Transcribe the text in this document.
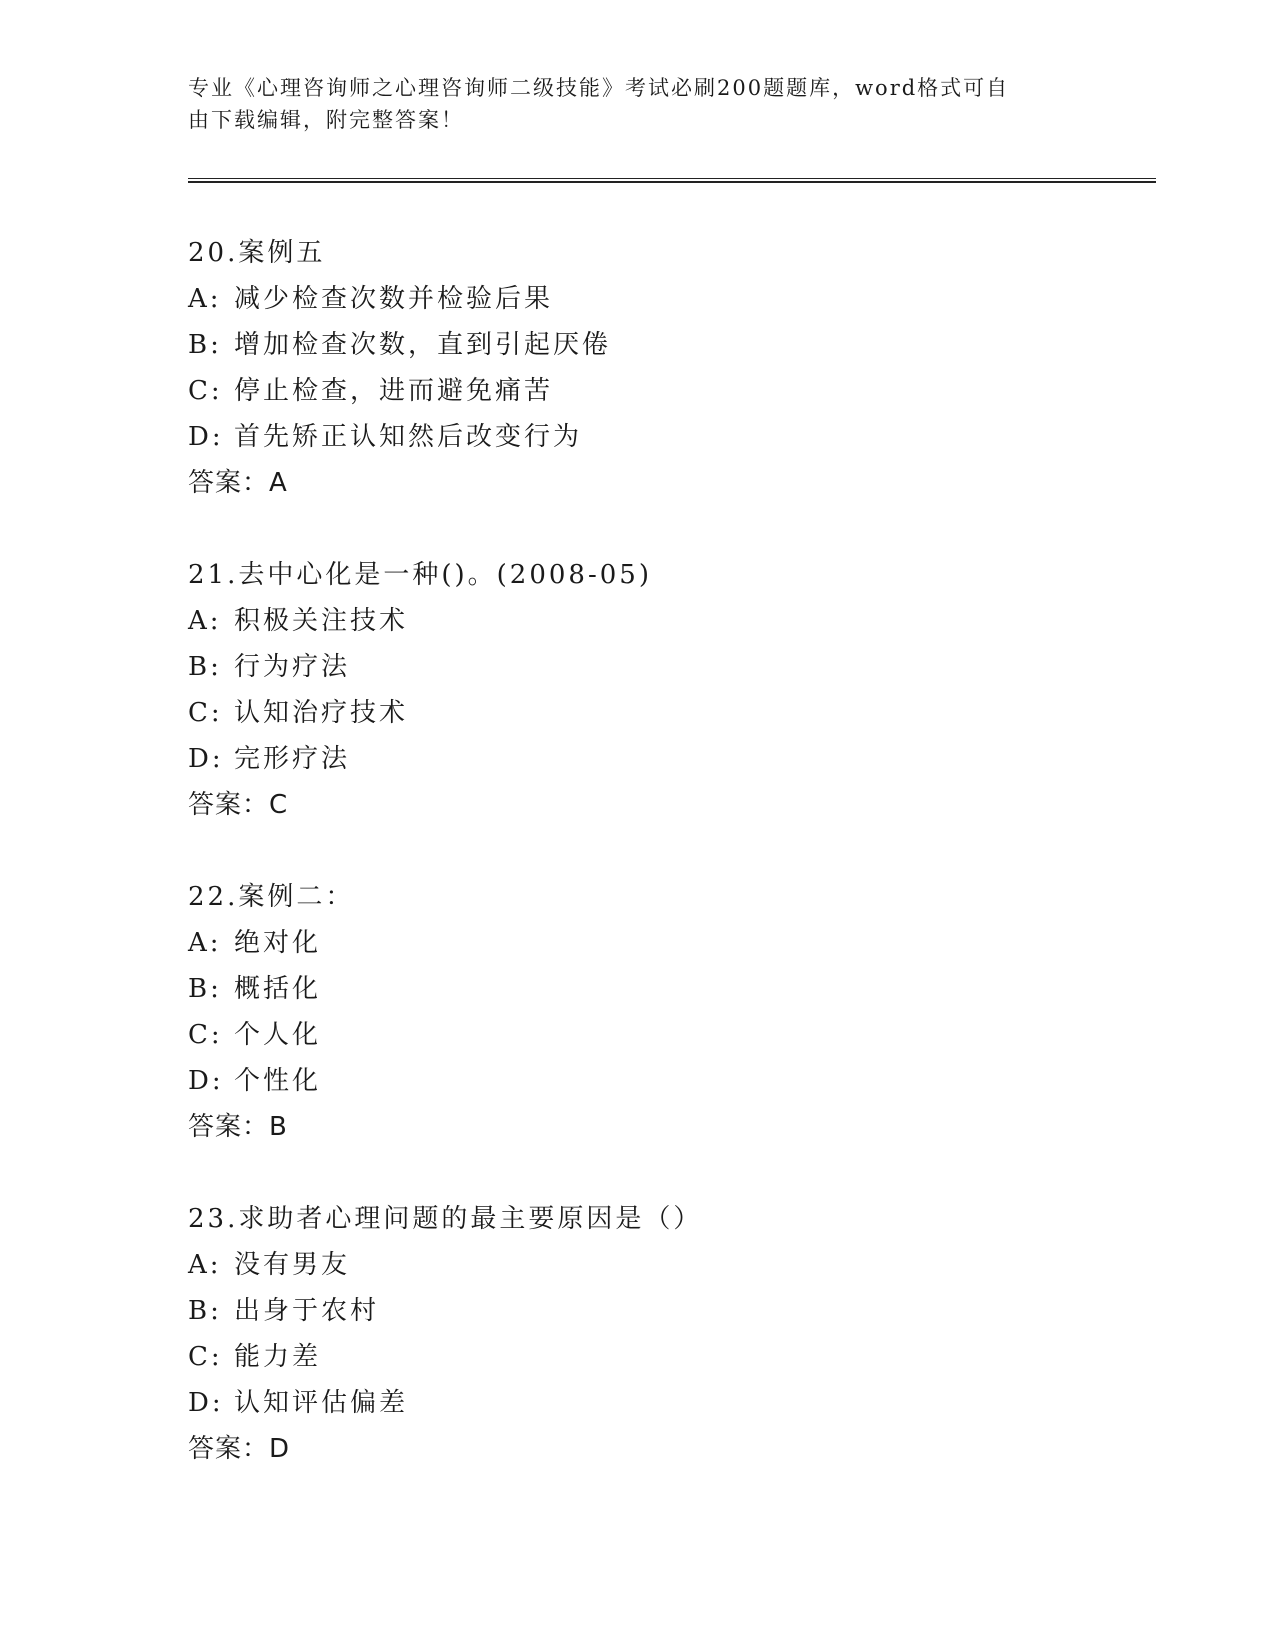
专业《心理咨询师之心理咨询师二级技能》考试必刷200题题库，word格式可自
由下载编辑，附完整答案！
20.案例五
A: 减少检查次数并检验后果
B: 增加检查次数，直到引起厌倦
C: 停止检查，进而避免痛苦
D: 首先矫正认知然后改变行为
答案：A
21.去中心化是一种()。(2008-05)
A: 积极关注技术
B: 行为疗法
C: 认知治疗技术
D: 完形疗法
答案：C
22.案例二：
A: 绝对化
B: 概括化
C: 个人化
D: 个性化
答案：B
23.求助者心理问题的最主要原因是（）
A: 没有男友
B: 出身于农村
C: 能力差
D: 认知评估偏差
答案：D
